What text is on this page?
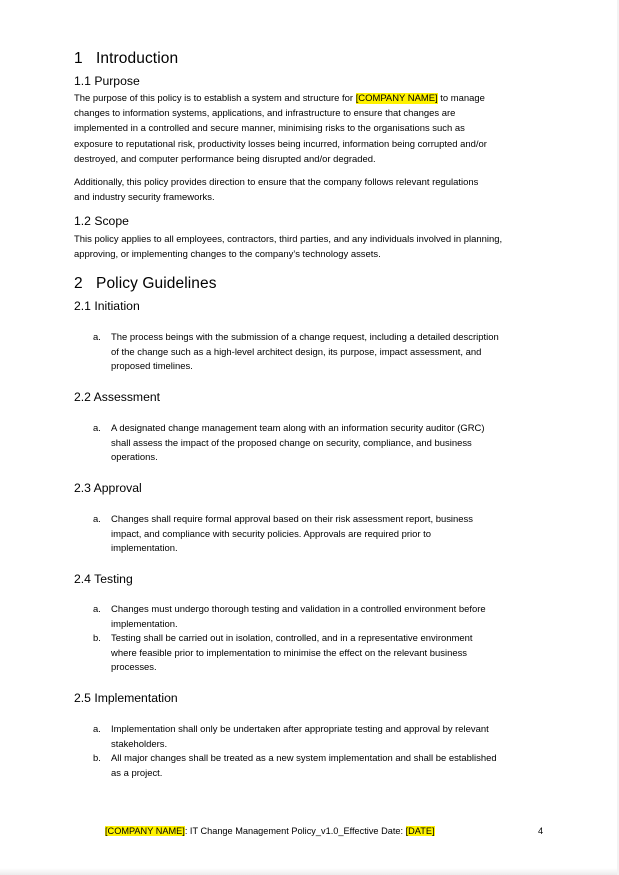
1 Introduction
1.1 Purpose
The purpose of this policy is to establish a system and structure for [COMPANY NAME] to manage
changes to information systems, applications, and infrastructure to ensure that changes are
implemented in a controlled and secure manner, minimising risks to the organisations such as
exposure to reputational risk, productivity losses being incurred, information being corrupted and/or
destroyed, and computer performance being disrupted and/or degraded.
Additionally, this policy provides direction to ensure that the company follows relevant regulations
and industry security frameworks.
1.2 Scope
This policy applies to all employees, contractors, third parties, and any individuals involved in planning,
approving, or implementing changes to the company’s technology assets.
2 Policy Guidelines
2.1 Initiation
a. The process beings with the submission of a change request, including a detailed description
of the change such as a high-level architect design, its purpose, impact assessment, and
proposed timelines.
2.2 Assessment
a. A designated change management team along with an information security auditor (GRC)
shall assess the impact of the proposed change on security, compliance, and business
operations.
2.3 Approval
a. Changes shall require formal approval based on their risk assessment report, business
impact, and compliance with security policies. Approvals are required prior to
implementation.
2.4 Testing
a. Changes must undergo thorough testing and validation in a controlled environment before
implementation.
b. Testing shall be carried out in isolation, controlled, and in a representative environment
where feasible prior to implementation to minimise the effect on the relevant business
processes.
2.5 Implementation
a. Implementation shall only be undertaken after appropriate testing and approval by relevant
stakeholders.
b. All major changes shall be treated as a new system implementation and shall be established
as a project.
[COMPANY NAME]: IT Change Management Policy_v1.0_Effective Date: [DATE]	4
